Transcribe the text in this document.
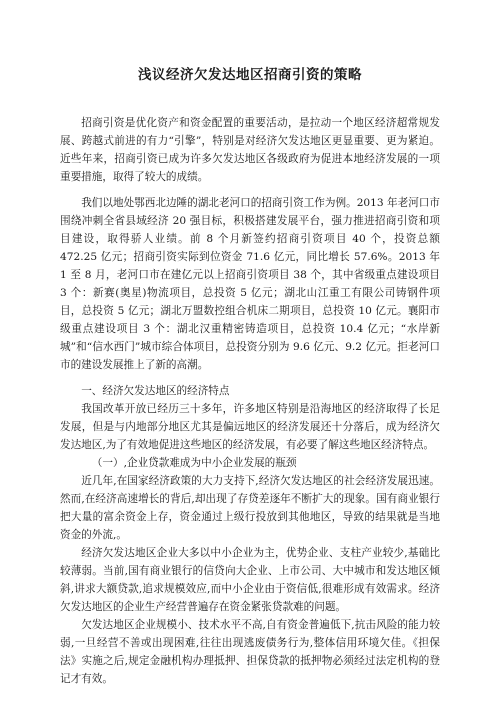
浅议经济欠发达地区招商引资的策略

招商引资是优化资产和资金配置的重要活动，是拉动一个地区经济超常规发展、跨越式前进的有力“引擎”，特别是对经济欠发达地区更显重要、更为紧迫。近些年来，招商引资已成为许多欠发达地区各级政府为促进本地经济发展的一项重要措施，取得了较大的成绩。

我们以地处鄂西北边陲的湖北老河口的招商引资工作为例。2013 年老河口市围绕冲刺全省县域经济 20 强目标，积极搭建发展平台，强力推进招商引资和项目建设，取得骄人业绩。前 8 个月新签约招商引资项目 40 个，投资总额 472.25 亿元；招商引资实际到位资金 71.6 亿元，同比增长 57.6%。2013 年 1 至 8 月，老河口市在建亿元以上招商引资项目 38 个，其中省级重点建设项目 3 个：新赛(奥星)物流项目，总投资 5 亿元；湖北山江重工有限公司铸钢件项目，总投资 5 亿元；湖北万盟数控组合机床二期项目，总投资 10 亿元。襄阳市级重点建设项目 3 个：湖北汉重精密铸造项目，总投资 10.4 亿元；“水岸新城”和“信水西门”城市综合体项目，总投资分别为 9.6 亿元、9.2 亿元。拒老河口市的建设发展推上了新的高潮。

一、经济欠发达地区的经济特点

我国改革开放已经历三十多年，许多地区特别是沿海地区的经济取得了长足发展，但是与内地部分地区尤其是偏远地区的经济发展还十分落后，成为经济欠发达地区,为了有效地促进这些地区的经济发展，有必要了解这些地区经济特点。

（一）,企业贷款难成为中小企业发展的瓶颈

近几年,在国家经济政策的大力支持下,经济欠发达地区的社会经济发展迅速。然而,在经济高速增长的背后,却出现了存贷差逐年不断扩大的现象。国有商业银行把大量的富余资金上存，资金通过上级行投放到其他地区，导致的结果就是当地资金的外流,。

经济欠发达地区企业大多以中小企业为主，优势企业、支柱产业较少,基础比较薄弱。当前,国有商业银行的信贷向大企业、上市公司、大中城市和发达地区倾斜,讲求大额贷款,追求规模效应,而中小企业由于资信低,很难形成有效需求。经济欠发达地区的企业生产经营普遍存在资金紧张贷款难的问题。

欠发达地区企业规模小、技术水平不高,自有资金普遍低下,抗击风险的能力较弱,一旦经营不善或出现困难,往往出现逃废债务行为,整体信用环境欠佳。《担保法》实施之后,规定金融机构办理抵押、担保贷款的抵押物必须经过法定机构的登记才有效。
